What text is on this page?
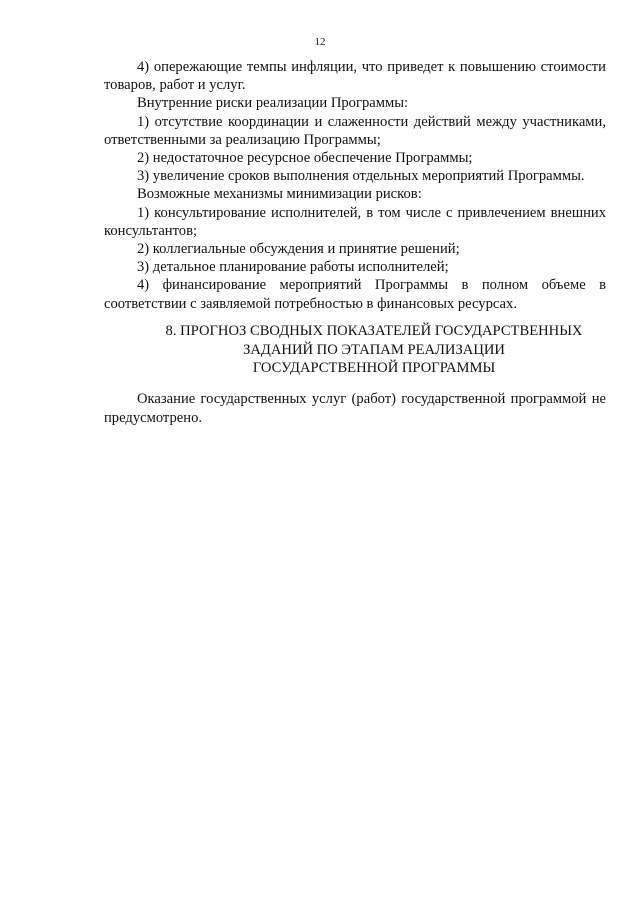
12

4) опережающие темпы инфляции, что приведет к повышению стоимости товаров, работ и услуг.

Внутренние риски реализации Программы:

1) отсутствие координации и слаженности действий между участниками, ответственными за реализацию Программы;

2) недостаточное ресурсное обеспечение Программы;

3) увеличение сроков выполнения отдельных мероприятий Программы.

Возможные механизмы минимизации рисков:

1) консультирование исполнителей, в том числе с привлечением внешних консультантов;

2) коллегиальные обсуждения и принятие решений;

3) детальное планирование работы исполнителей;

4) финансирование мероприятий Программы в полном объеме в соответствии с заявляемой потребностью в финансовых ресурсах.

8. ПРОГНОЗ СВОДНЫХ ПОКАЗАТЕЛЕЙ ГОСУДАРСТВЕННЫХ
ЗАДАНИЙ ПО ЭТАПАМ РЕАЛИЗАЦИИ
ГОСУДАРСТВЕННОЙ ПРОГРАММЫ

Оказание государственных услуг (работ) государственной программой не предусмотрено.
